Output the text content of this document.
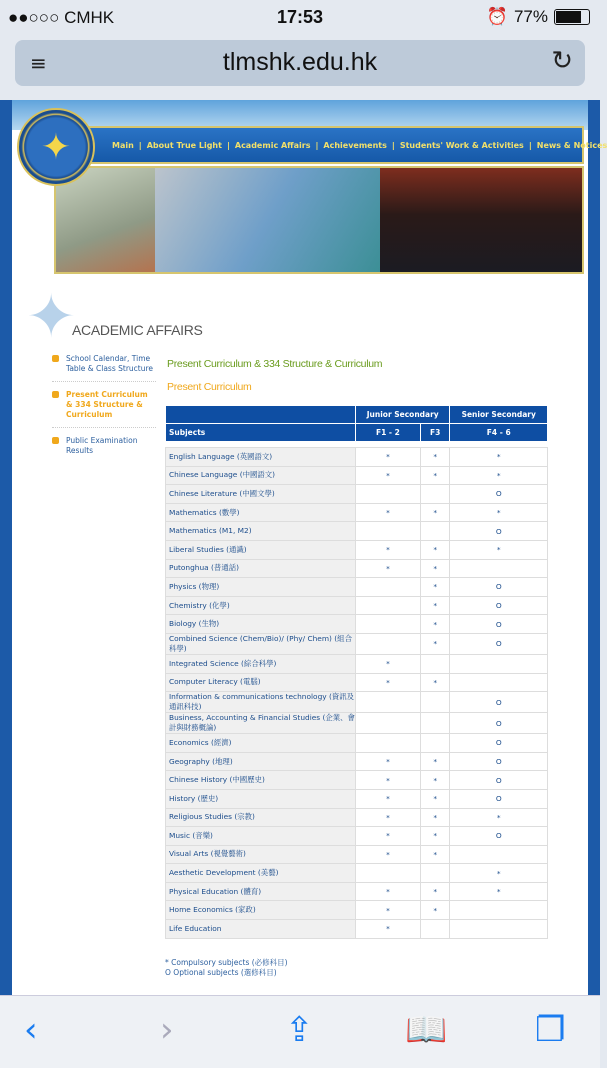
●●○○○ CMHK	17:53	⏰ 77%
≡	tlmshk.edu.hk	↻
Main | About True Light | Academic Affairs | Achievements | Students' Work & Activities | News & Notices
✦
✦
ACADEMIC AFFAIRS
School Calendar, Time Table & Class Structure
Present Curriculum & 334 Structure & Curriculum
Public Examination Results
Present Curriculum & 334 Structure & Curriculum
Present Curriculum
	Junior Secondary		Senior Secondary
Subjects	F1 - 2	F3	F4 - 6

English Language (英國語文)	*	*	*
Chinese Language (中國語文)	*	*	*
Chinese Literature (中國文學)			O
Mathematics (數學)	*	*	*
Mathematics (M1, M2)			O
Liberal Studies (通識)	*	*	*
Putonghua (普通話)	*	*	
Physics (物理)		*	O
Chemistry (化學)		*	O
Biology (生物)		*	O
Combined Science (Chem/Bio)/ (Phy/ Chem) (組合科學)		*	O
Integrated Science (綜合科學)	*		
Computer Literacy (電腦)	*	*	
Information & communications technology (資訊及通訊科技)			O
Business, Accounting & Financial Studies (企業、會計與財務概論)			O
Economics (經濟)			O
Geography (地理)	*	*	O
Chinese History (中國歷史)	*	*	O
History (歷史)	*	*	O
Religious Studies (宗教)	*	*	*
Music (音樂)	*	*	O
Visual Arts (視覺藝術)	*	*	
Aesthetic Development (美藝)			*
Physical Education (體育)	*	*	*
Home Economics (家政)	*	*	
Life Education	*		
* Compulsory subjects (必修科目)
O Optional subjects (選修科目)
‹	›	⇪	📖	❐
